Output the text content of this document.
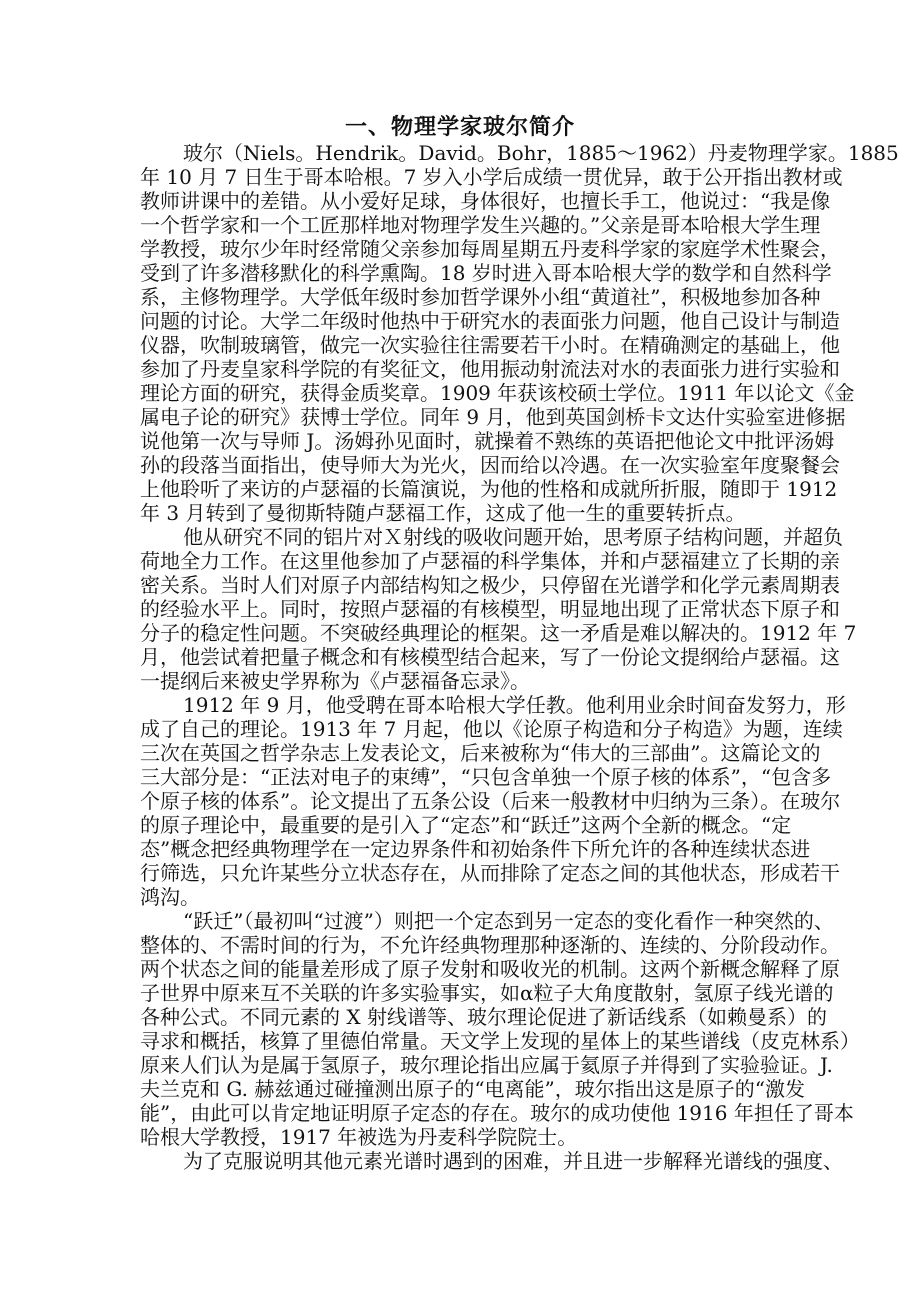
一、物理学家玻尔简介
玻尔（Niels。Hendrik。David。Bohr，1885～1962）丹麦物理学家。1885
年 10 月 7 日生于哥本哈根。7 岁入小学后成绩一贯优异，敢于公开指出教材或
教师讲课中的差错。从小爱好足球，身体很好，也擅长手工，他说过：“我是像
一个哲学家和一个工匠那样地对物理学发生兴趣的。”父亲是哥本哈根大学生理
学教授，玻尔少年时经常随父亲参加每周星期五丹麦科学家的家庭学术性聚会，
受到了许多潜移默化的科学熏陶。18 岁时进入哥本哈根大学的数学和自然科学
系，主修物理学。大学低年级时参加哲学课外小组“黄道社”，积极地参加各种
问题的讨论。大学二年级时他热中于研究水的表面张力问题，他自己设计与制造
仪器，吹制玻璃管，做完一次实验往往需要若干小时。在精确测定的基础上，他
参加了丹麦皇家科学院的有奖征文，他用振动射流法对水的表面张力进行实验和
理论方面的研究，获得金质奖章。1909 年获该校硕士学位。1911 年以论文《金
属电子论的研究》获博士学位。同年 9 月，他到英国剑桥卡文达什实验室进修据
说他第一次与导师 J。汤姆孙见面时，就操着不熟练的英语把他论文中批评汤姆
孙的段落当面指出，使导师大为光火，因而给以冷遇。在一次实验室年度聚餐会
上他聆听了来访的卢瑟福的长篇演说，为他的性格和成就所折服，随即于 1912
年 3 月转到了曼彻斯特随卢瑟福工作，这成了他一生的重要转折点。
他从研究不同的铝片对Ｘ射线的吸收问题开始，思考原子结构问题，并超负
荷地全力工作。在这里他参加了卢瑟福的科学集体，并和卢瑟福建立了长期的亲
密关系。当时人们对原子内部结构知之极少，只停留在光谱学和化学元素周期表
的经验水平上。同时，按照卢瑟福的有核模型，明显地出现了正常状态下原子和
分子的稳定性问题。不突破经典理论的框架。这一矛盾是难以解决的。1912 年 7
月，他尝试着把量子概念和有核模型结合起来，写了一份论文提纲给卢瑟福。这
一提纲后来被史学界称为《卢瑟福备忘录》。
1912 年 9 月，他受聘在哥本哈根大学任教。他利用业余时间奋发努力，形
成了自己的理论。1913 年 7 月起，他以《论原子构造和分子构造》为题，连续
三次在英国之哲学杂志上发表论文，后来被称为“伟大的三部曲”。这篇论文的
三大部分是：“正法对电子的束缚”，“只包含单独一个原子核的体系”，“包含多
个原子核的体系”。论文提出了五条公设（后来一般教材中归纳为三条）。在玻尔
的原子理论中，最重要的是引入了“定态”和“跃迁”这两个全新的概念。“定
态”概念把经典物理学在一定边界条件和初始条件下所允许的各种连续状态进
行筛选，只允许某些分立状态存在，从而排除了定态之间的其他状态，形成若干
鸿沟。
“跃迁”（最初叫“过渡”）则把一个定态到另一定态的变化看作一种突然的、
整体的、不需时间的行为，不允许经典物理那种逐渐的、连续的、分阶段动作。
两个状态之间的能量差形成了原子发射和吸收光的机制。这两个新概念解释了原
子世界中原来互不关联的许多实验事实，如α粒子大角度散射，氢原子线光谱的
各种公式。不同元素的 X 射线谱等、玻尔理论促进了新话线系（如赖曼系）的
寻求和概括，核算了里德伯常量。天文学上发现的星体上的某些谱线（皮克林系）
原来人们认为是属于氢原子，玻尔理论指出应属于氦原子并得到了实验验证。J.
夫兰克和 G. 赫兹通过碰撞测出原子的“电离能”，玻尔指出这是原子的“激发
能”，由此可以肯定地证明原子定态的存在。玻尔的成功使他 1916 年担任了哥本
哈根大学教授，1917 年被选为丹麦科学院院士。
为了克服说明其他元素光谱时遇到的困难，并且进一步解释光谱线的强度、
